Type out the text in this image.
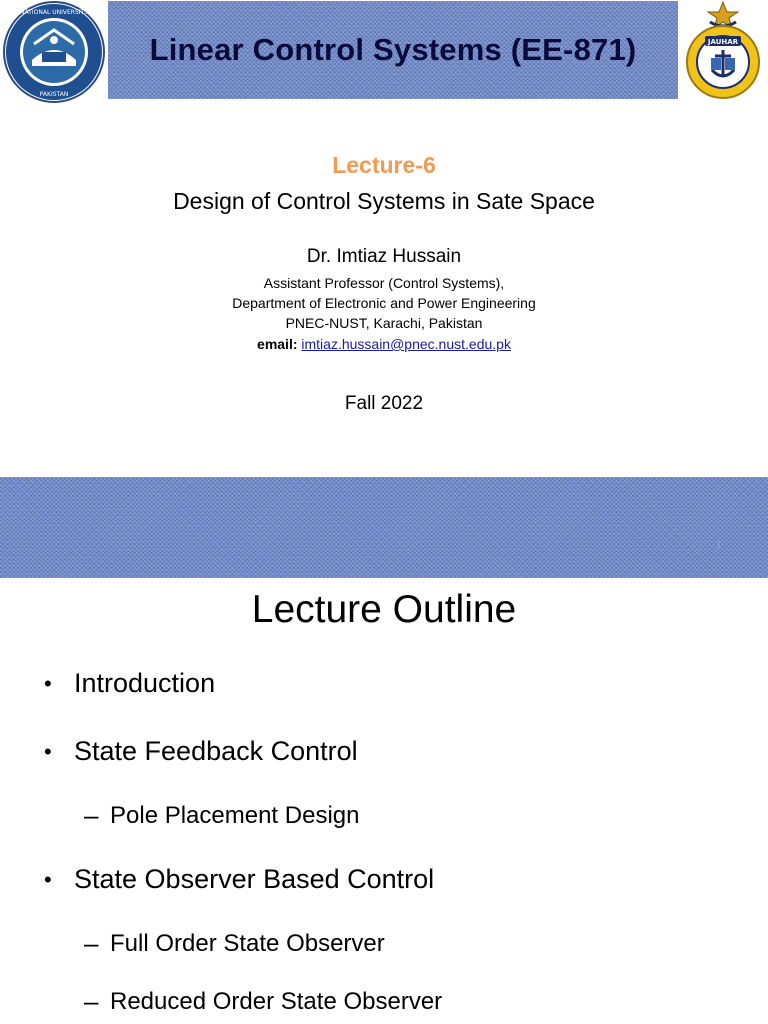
NATIONAL UNIVERSITY
PAKISTAN
Linear Control Systems (EE-871)	JAUHAR
Lecture-6
Design of Control Systems in Sate Space
Dr. Imtiaz Hussain
Assistant Professor (Control Systems),
Department of Electronic and Power Engineering
PNEC-NUST, Karachi, Pakistan
email: imtiaz.hussain@pnec.nust.edu.pk
Fall 2022
1
Lecture Outline
• Introduction
• State Feedback Control
– Pole Placement Design
• State Observer Based Control
– Full Order State Observer
– Reduced Order State Observer
